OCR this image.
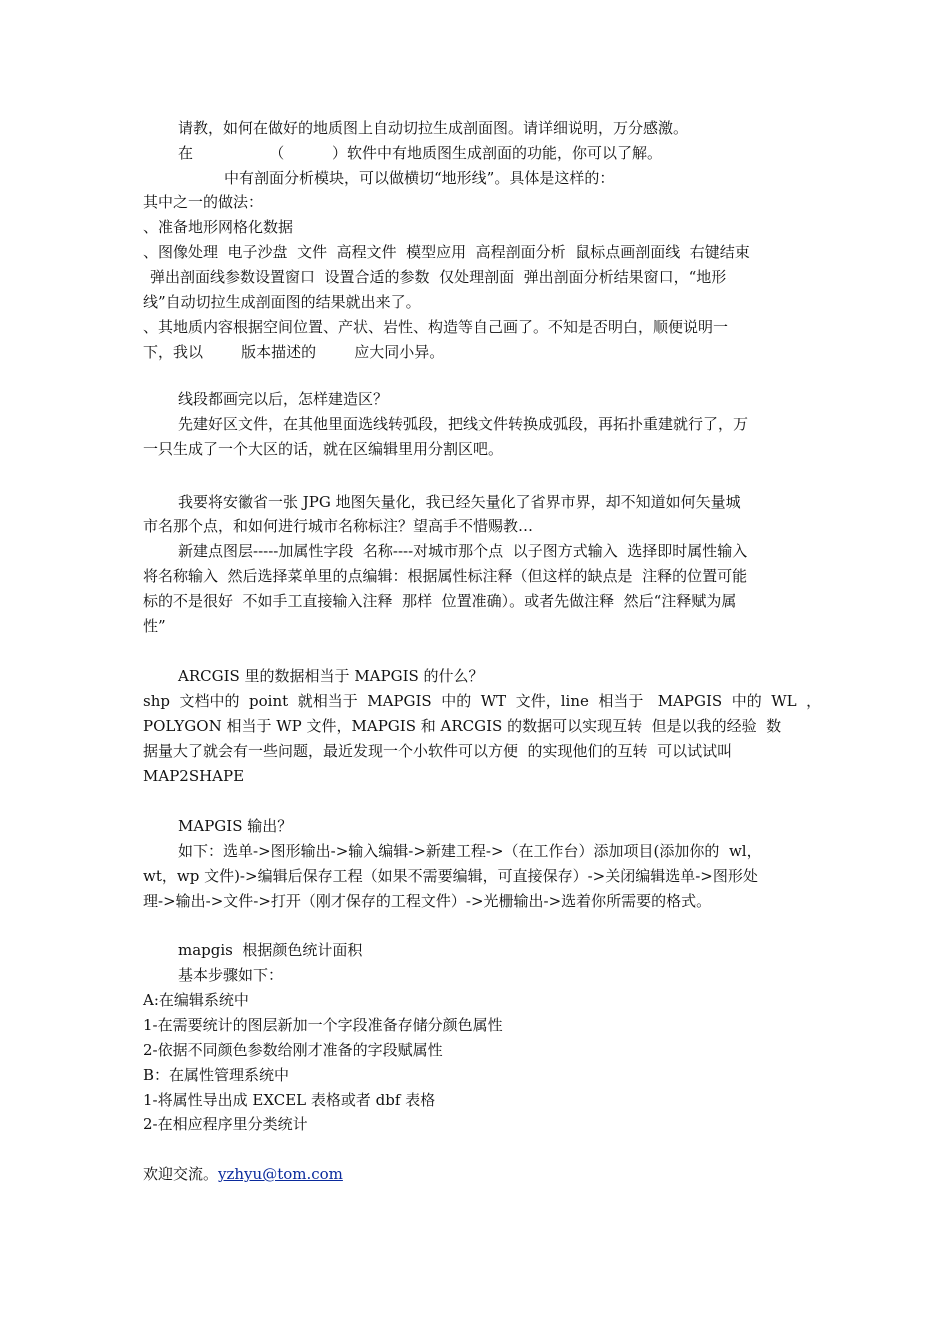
请教，如何在做好的地质图上自动切拉生成剖面图。请详细说明，万分感激。
在                （          ）软件中有地质图生成剖面的功能，你可以了解。
中有剖面分析模块，可以做横切“地形线”。具体是这样的：
其中之一的做法：
、准备地形网格化数据
、图像处理  电子沙盘  文件  高程文件  模型应用  高程剖面分析  鼠标点画剖面线  右键结束
弹出剖面线参数设置窗口  设置合适的参数  仅处理剖面  弹出剖面分析结果窗口，“地形
线”自动切拉生成剖面图的结果就出来了。
、其地质内容根据空间位置、产状、岩性、构造等自己画了。不知是否明白，顺便说明一
下，我以        版本描述的        应大同小异。
线段都画完以后，怎样建造区？
先建好区文件，在其他里面选线转弧段，把线文件转换成弧段，再拓扑重建就行了，万
一只生成了一个大区的话，就在区编辑里用分割区吧。
我要将安徽省一张 JPG 地图矢量化，我已经矢量化了省界市界，却不知道如何矢量城
市名那个点，和如何进行城市名称标注？望高手不惜赐教…
新建点图层-----加属性字段  名称----对城市那个点  以子图方式输入  选择即时属性输入
将名称输入  然后选择菜单里的点编辑：根据属性标注释（但这样的缺点是  注释的位置可能
标的不是很好  不如手工直接输入注释  那样  位置准确）。或者先做注释  然后“注释赋为属
性”
ARCGIS 里的数据相当于 MAPGIS 的什么？
shp  文档中的  point  就相当于  MAPGIS  中的  WT  文件，line  相当于   MAPGIS  中的  WL  ，
POLYGON 相当于 WP 文件，MAPGIS 和 ARCGIS 的数据可以实现互转  但是以我的经验  数
据量大了就会有一些问题，最近发现一个小软件可以方便  的实现他们的互转  可以试试叫
MAP2SHAPE
MAPGIS 输出？
如下：选单->图形输出->输入编辑->新建工程->（在工作台）添加项目(添加你的  wl，
wt，wp 文件)->编辑后保存工程（如果不需要编辑，可直接保存）->关闭编辑选单->图形处
理->输出->文件->打开（刚才保存的工程文件）->光栅输出->选着你所需要的格式。
mapgis  根据颜色统计面积
基本步骤如下：
A:在编辑系统中
1-在需要统计的图层新加一个字段准备存储分颜色属性
2-依据不同颜色参数给刚才准备的字段赋属性
B：在属性管理系统中
1-将属性导出成 EXCEL 表格或者 dbf 表格
2-在相应程序里分类统计
欢迎交流。yzhyu@tom.com
